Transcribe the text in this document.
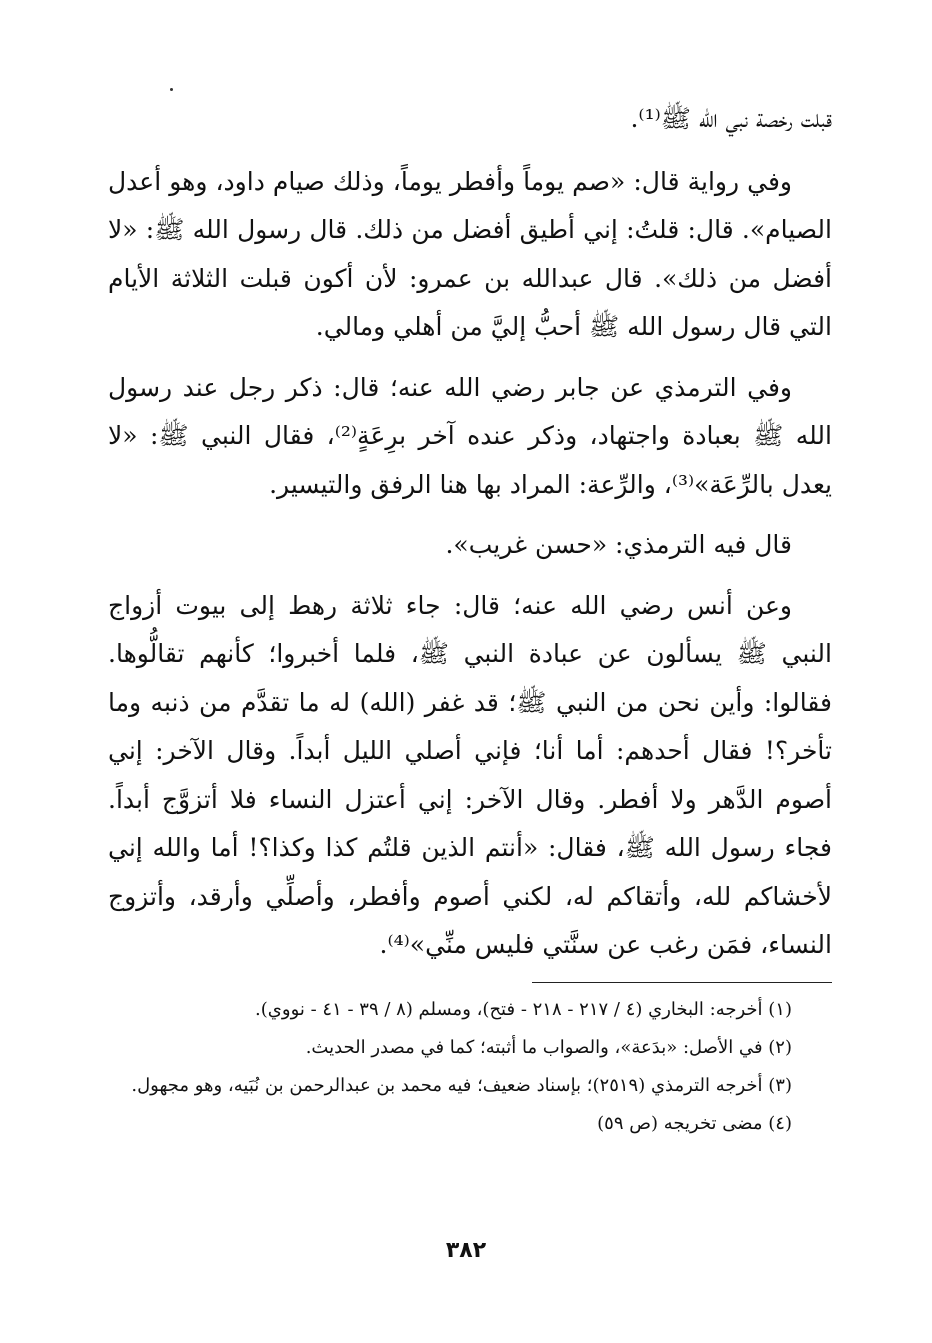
قبلت رخصة نبي الله ﷺ⁽¹⁾.

وفي رواية قال: «صم يوماً وأفطر يوماً، وذلك صيام داود، وهو أعدل الصيام». قال: قلتُ: إني أطيق أفضل من ذلك. قال رسول الله ﷺ: «لا أفضل من ذلك». قال عبدالله بن عمرو: لأن أكون قبلت الثلاثة الأيام التي قال رسول الله ﷺ أحبُّ إليَّ من أهلي ومالي.

وفي الترمذي عن جابر رضي الله عنه؛ قال: ذكر رجل عند رسول الله ﷺ بعبادة واجتهاد، وذكر عنده آخر برِعَةٍ⁽²⁾، فقال النبي ﷺ: «لا يعدل بالرِّعَة»⁽³⁾، والرِّعة: المراد بها هنا الرفق والتيسير.

قال فيه الترمذي: «حسن غريب».

وعن أنس رضي الله عنه؛ قال: جاء ثلاثة رهط إلى بيوت أزواج النبي ﷺ يسألون عن عبادة النبي ﷺ، فلما أخبروا؛ كأنهم تقالُّوها. فقالوا: وأين نحن من النبي ﷺ؛ قد غفر (الله) له ما تقدَّم من ذنبه وما تأخر؟! فقال أحدهم: أما أنا؛ فإني أصلي الليل أبداً. وقال الآخر: إني أصوم الدَّهر ولا أفطر. وقال الآخر: إني أعتزل النساء فلا أتزوَّج أبداً. فجاء رسول الله ﷺ، فقال: «أنتم الذين قلتُم كذا وكذا؟! أما والله إني لأخشاكم لله، وأتقاكم له، لكني أصوم وأفطر، وأصلِّي وأرقد، وأتزوج النساء، فمَن رغب عن سنَّتي فليس منِّي»⁽⁴⁾.

(١) أخرجه: البخاري (٤ / ٢١٧ - ٢١٨ - فتح)، ومسلم (٨ / ٣٩ - ٤١ - نووي).

(٢) في الأصل: «بدَعة»، والصواب ما أثبته؛ كما في مصدر الحديث.

(٣) أخرجه الترمذي (٢٥١٩)؛ بإسناد ضعيف؛ فيه محمد بن عبدالرحمن بن نُبَيه، وهو مجهول.

(٤) مضى تخريجه (ص ٥٩)

٣٨٢
